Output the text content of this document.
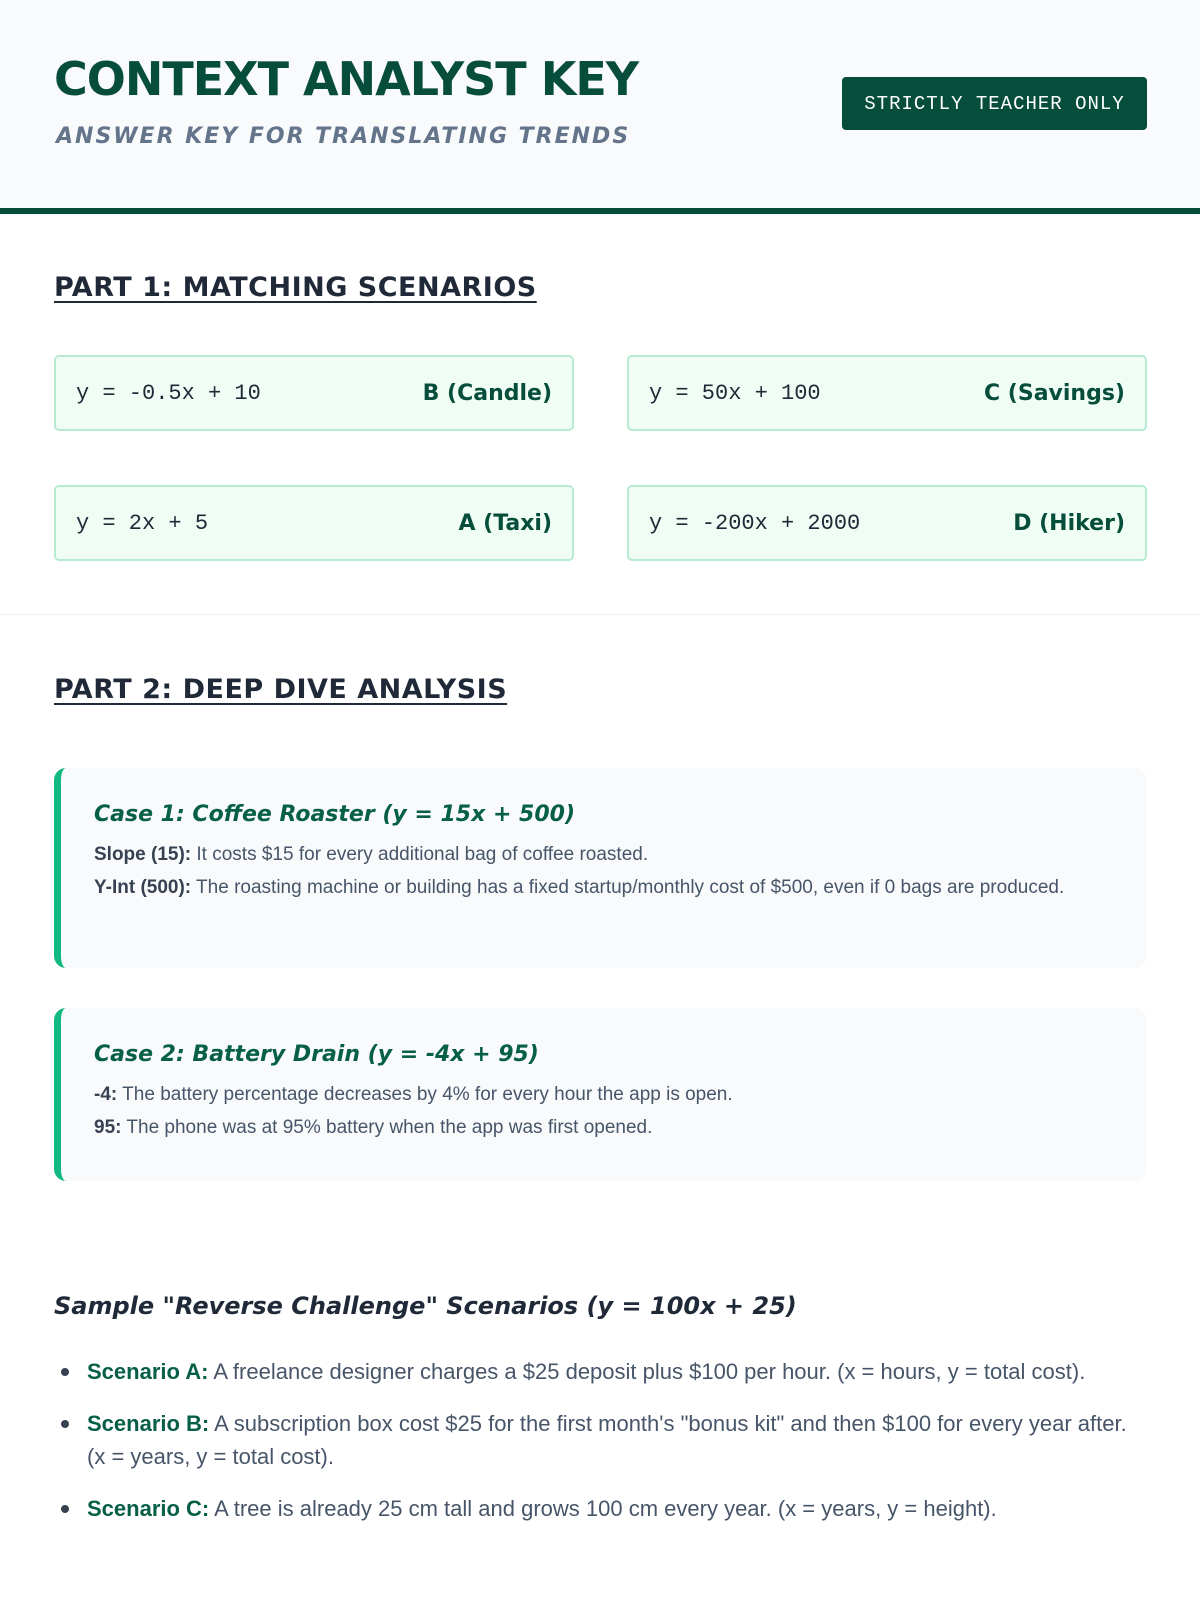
CONTEXT ANALYST KEY
ANSWER KEY FOR TRANSLATING TRENDS
STRICTLY TEACHER ONLY
PART 1: MATCHING SCENARIOS
y = -0.5x + 10	B (Candle)	y = 50x + 100	C (Savings)
y = 2x + 5	A (Taxi)	y = -200x + 2000	D (Hiker)
PART 2: DEEP DIVE ANALYSIS
Case 1: Coffee Roaster (y = 15x + 500)
Slope (15): It costs $15 for every additional bag of coffee roasted.
Y-Int (500): The roasting machine or building has a fixed startup/monthly cost of $500, even if 0 bags are produced.
Case 2: Battery Drain (y = -4x + 95)
-4: The battery percentage decreases by 4% for every hour the app is open.
95: The phone was at 95% battery when the app was first opened.
Sample "Reverse Challenge" Scenarios (y = 100x + 25)
Scenario A: A freelance designer charges a $25 deposit plus $100 per hour. (x = hours, y = total cost).
Scenario B: A subscription box cost $25 for the first month's "bonus kit" and then $100 for every year after. (x = years, y = total cost).
Scenario C: A tree is already 25 cm tall and grows 100 cm every year. (x = years, y = height).
